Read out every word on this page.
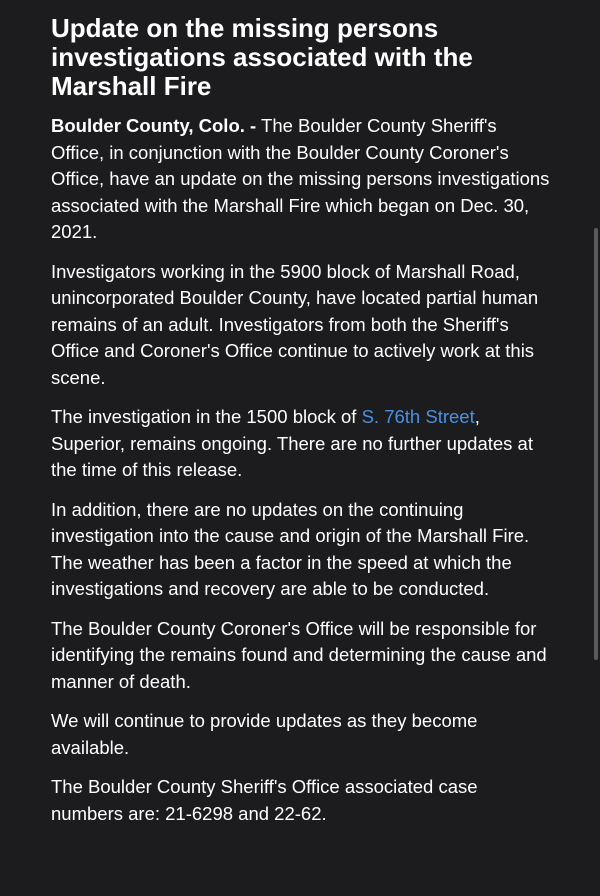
Update on the missing persons investigations associated with the Marshall Fire

Boulder County, Colo. - The Boulder County Sheriff's Office, in conjunction with the Boulder County Coroner's Office, have an update on the missing persons investigations associated with the Marshall Fire which began on Dec. 30, 2021.

Investigators working in the 5900 block of Marshall Road, unincorporated Boulder County, have located partial human remains of an adult. Investigators from both the Sheriff's Office and Coroner's Office continue to actively work at this scene.

The investigation in the 1500 block of S. 76th Street, Superior, remains ongoing. There are no further updates at the time of this release.

In addition, there are no updates on the continuing investigation into the cause and origin of the Marshall Fire. The weather has been a factor in the speed at which the investigations and recovery are able to be conducted.

The Boulder County Coroner's Office will be responsible for identifying the remains found and determining the cause and manner of death.

We will continue to provide updates as they become available.

The Boulder County Sheriff's Office associated case numbers are: 21-6298 and 22-62.
